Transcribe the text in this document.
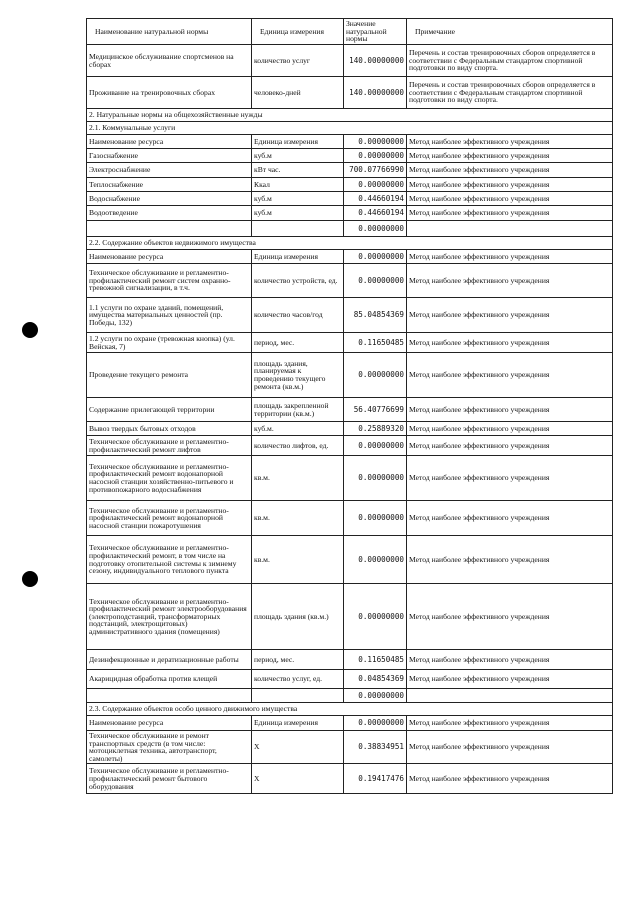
Наименование натуральной нормы	Единица измерения	Значение натуральной нормы	Примечание
Медицинское обслуживание спортсменов на сборах	количество услуг	140.00000000	Перечень и состав тренировочных сборов определяется в соответствии с Федеральным стандартом спортивной подготовки по виду спорта.
Проживание на тренировочных сборах	человеко-дней	140.00000000	Перечень и состав тренировочных сборов определяется в соответствии с Федеральным стандартом спортивной подготовки по виду спорта.
2. Натуральные нормы на общехозяйственные нужды			
2.1. Коммунальные услуги			
Наименование ресурса	Единица измерения	0.00000000	Метод наиболее эффективного учреждения
Газоснабжение	куб.м	0.00000000	Метод наиболее эффективного учреждения
Электроснабжение	кВт час.	700.07766990	Метод наиболее эффективного учреждения
Теплоснабжение	Ккал	0.00000000	Метод наиболее эффективного учреждения
Водоснабжение	куб.м	0.44660194	Метод наиболее эффективного учреждения
Водоотведение	куб.м	0.44660194	Метод наиболее эффективного учреждения
		0.00000000	
2.2. Содержание объектов недвижимого имущества			
Наименование ресурса	Единица измерения	0.00000000	Метод наиболее эффективного учреждения
Техническое обслуживание и регламентно-профилактический ремонт систем охранно-тревожной сигнализации, в т.ч.	количество устройств, ед.	0.00000000	Метод наиболее эффективного учреждения
1.1 услуги по охране зданий, помещений, имущества материальных ценностей (пр. Победы, 132)	количество часов/год	85.04854369	Метод наиболее эффективного учреждения
1.2 услуги по охране (тревожная кнопка) (ул. Вейская, 7)	период, мес.	0.11650485	Метод наиболее эффективного учреждения
Проведение текущего ремонта	площадь здания, планируемая к проведению текущего ремонта (кв.м.)	0.00000000	Метод наиболее эффективного учреждения
Содержание прилегающей территории	площадь закрепленной территории (кв.м.)	56.40776699	Метод наиболее эффективного учреждения
Вывоз твердых бытовых отходов	куб.м.	0.25889320	Метод наиболее эффективного учреждения
Техническое обслуживание и регламентно-профилактический ремонт лифтов	количество лифтов, ед.	0.00000000	Метод наиболее эффективного учреждения
Техническое обслуживание и регламентно-профилактический ремонт водонапорной насосной станции хозяйственно-питьевого и противопожарного водоснабжения	кв.м.	0.00000000	Метод наиболее эффективного учреждения
Техническое обслуживание и регламентно-профилактический ремонт водонапорной насосной станции пожаротушения	кв.м.	0.00000000	Метод наиболее эффективного учреждения
Техническое обслуживание и регламентно-профилактический ремонт, в том числе на подготовку отопительной системы к зимнему сезону, индивидуального теплового пункта	кв.м.	0.00000000	Метод наиболее эффективного учреждения
Техническое обслуживание и регламентно-профилактический ремонт электрооборудования (электроподстанций, трансформаторных подстанций, электрощитовых) административного здания (помещения)	площадь здания (кв.м.)	0.00000000	Метод наиболее эффективного учреждения
Дезинфекционные и дератизационные работы	период, мес.	0.11650485	Метод наиболее эффективного учреждения
Акарицидная обработка против клещей	количество услуг, ед.	0.04854369	Метод наиболее эффективного учреждения
		0.00000000	
2.3. Содержание объектов особо ценного движимого имущества			
Наименование ресурса	Единица измерения	0.00000000	Метод наиболее эффективного учреждения
Техническое обслуживание и ремонт транспортных средств (в том числе: мотоциклетная техника, автотранспорт, самолеты)	X	0.38834951	Метод наиболее эффективного учреждения
Техническое обслуживание и регламентно-профилактический ремонт бытового оборудования	X	0.19417476	Метод наиболее эффективного учреждения
